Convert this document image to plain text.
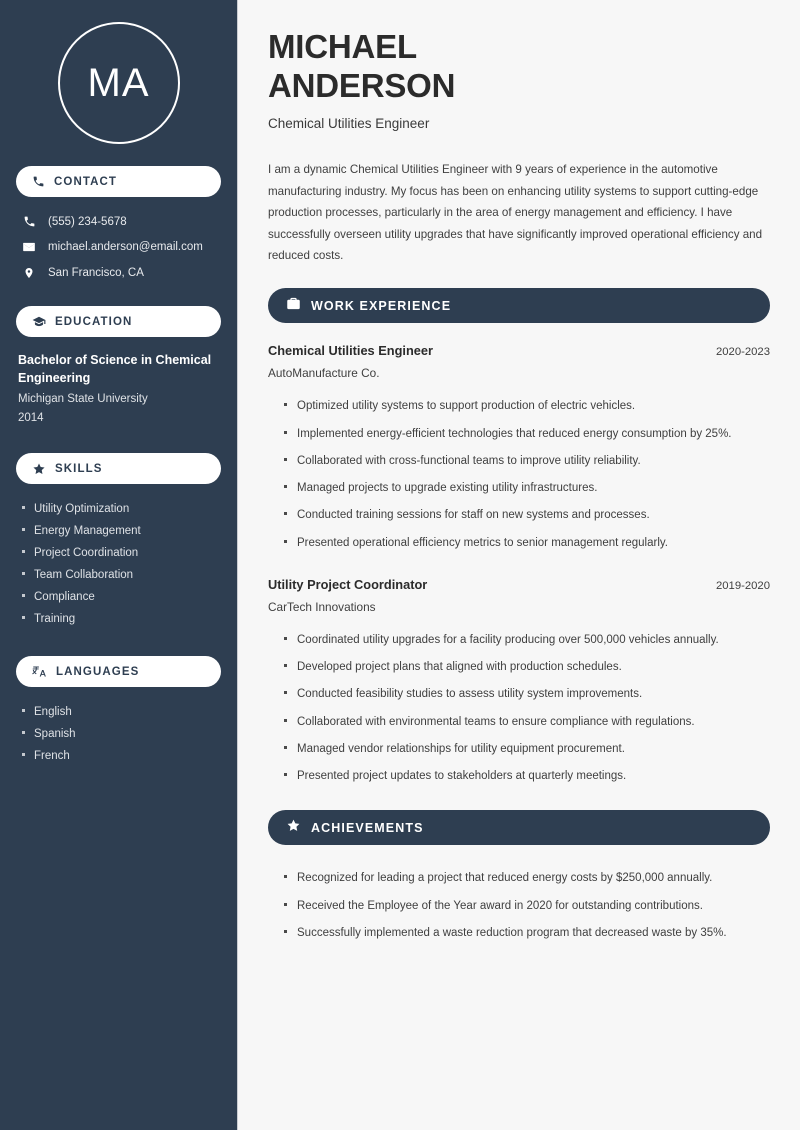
MA
CONTACT
(555) 234-5678
michael.anderson@email.com
San Francisco, CA
EDUCATION
Bachelor of Science in Chemical Engineering
Michigan State University
2014
SKILLS
Utility Optimization
Energy Management
Project Coordination
Team Collaboration
Compliance
Training
LANGUAGES
English
Spanish
French
MICHAEL
ANDERSON
Chemical Utilities Engineer

I am a dynamic Chemical Utilities Engineer with 9 years of experience in the automotive manufacturing industry. My focus has been on enhancing utility systems to support cutting-edge production processes, particularly in the area of energy management and efficiency. I have successfully overseen utility upgrades that have significantly improved operational efficiency and reduced costs.

WORK EXPERIENCE
Chemical Utilities Engineer	2020-2023
AutoManufacture Co.
Optimized utility systems to support production of electric vehicles.
Implemented energy-efficient technologies that reduced energy consumption by 25%.
Collaborated with cross-functional teams to improve utility reliability.
Managed projects to upgrade existing utility infrastructures.
Conducted training sessions for staff on new systems and processes.
Presented operational efficiency metrics to senior management regularly.
Utility Project Coordinator	2019-2020
CarTech Innovations
Coordinated utility upgrades for a facility producing over 500,000 vehicles annually.
Developed project plans that aligned with production schedules.
Conducted feasibility studies to assess utility system improvements.
Collaborated with environmental teams to ensure compliance with regulations.
Managed vendor relationships for utility equipment procurement.
Presented project updates to stakeholders at quarterly meetings.
ACHIEVEMENTS
Recognized for leading a project that reduced energy costs by $250,000 annually.
Received the Employee of the Year award in 2020 for outstanding contributions.
Successfully implemented a waste reduction program that decreased waste by 35%.
